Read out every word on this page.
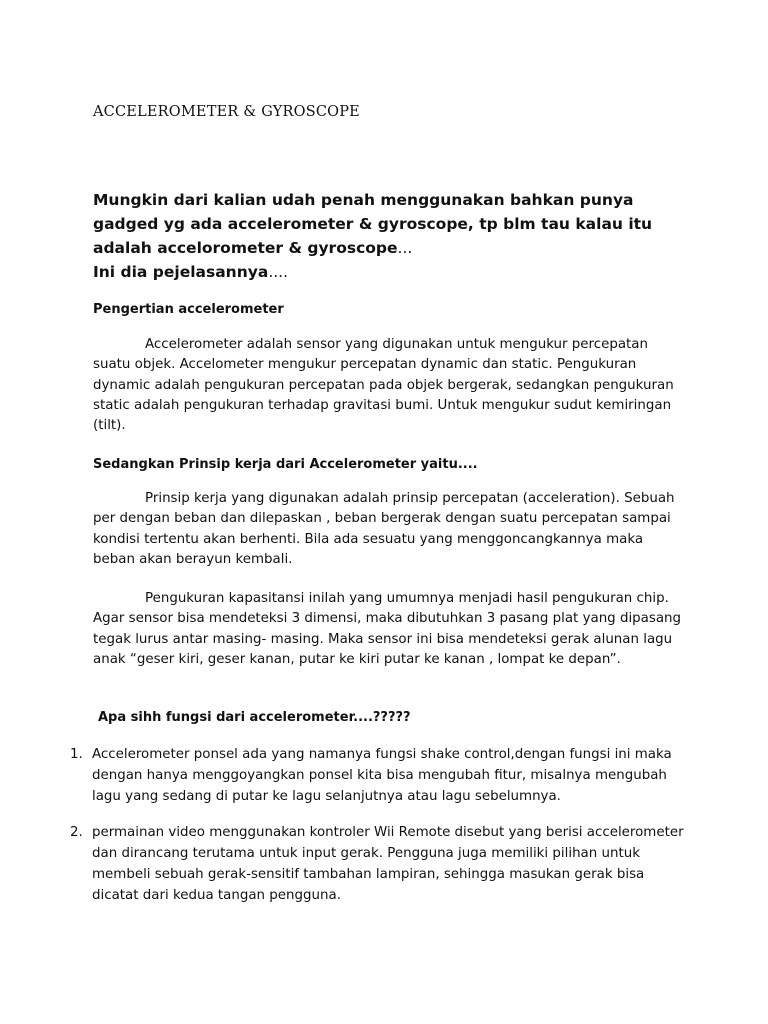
ACCELEROMETER & GYROSCOPE
Mungkin dari kalian udah penah menggunakan bahkan punya
gadged yg ada accelerometer & gyroscope, tp blm tau kalau itu
adalah accelorometer & gyroscope...
Ini dia pejelasannya....
Pengertian accelerometer

Accelerometer adalah sensor yang digunakan untuk mengukur percepatan suatu objek. Accelometer mengukur percepatan dynamic dan static. Pengukuran dynamic adalah pengukuran percepatan pada objek bergerak, sedangkan pengukuran static adalah pengukuran terhadap gravitasi bumi. Untuk mengukur sudut kemiringan (tilt).

Sedangkan Prinsip kerja dari Accelerometer yaitu....

Prinsip kerja yang digunakan adalah prinsip percepatan (acceleration). Sebuah per dengan beban dan dilepaskan , beban bergerak dengan suatu percepatan sampai kondisi tertentu akan berhenti. Bila ada sesuatu yang menggoncangkannya maka beban akan berayun kembali.

Pengukuran kapasitansi inilah yang umumnya menjadi hasil pengukuran chip. Agar sensor bisa mendeteksi 3 dimensi, maka dibutuhkan 3 pasang plat yang dipasang tegak lurus antar masing- masing. Maka sensor ini bisa mendeteksi gerak alunan lagu anak “geser kiri, geser kanan, putar ke kiri putar ke kanan , lompat ke depan”.

Apa sihh fungsi dari accelerometer....?????
1. Accelerometer ponsel ada yang namanya fungsi shake control,dengan fungsi ini maka dengan hanya menggoyangkan ponsel kita bisa mengubah fitur, misalnya mengubah lagu yang sedang di putar ke lagu selanjutnya atau lagu sebelumnya.
2. permainan video menggunakan kontroler Wii Remote disebut yang berisi accelerometer dan dirancang terutama untuk input gerak. Pengguna juga memiliki pilihan untuk membeli sebuah gerak-sensitif tambahan lampiran, sehingga masukan gerak bisa dicatat dari kedua tangan pengguna.
